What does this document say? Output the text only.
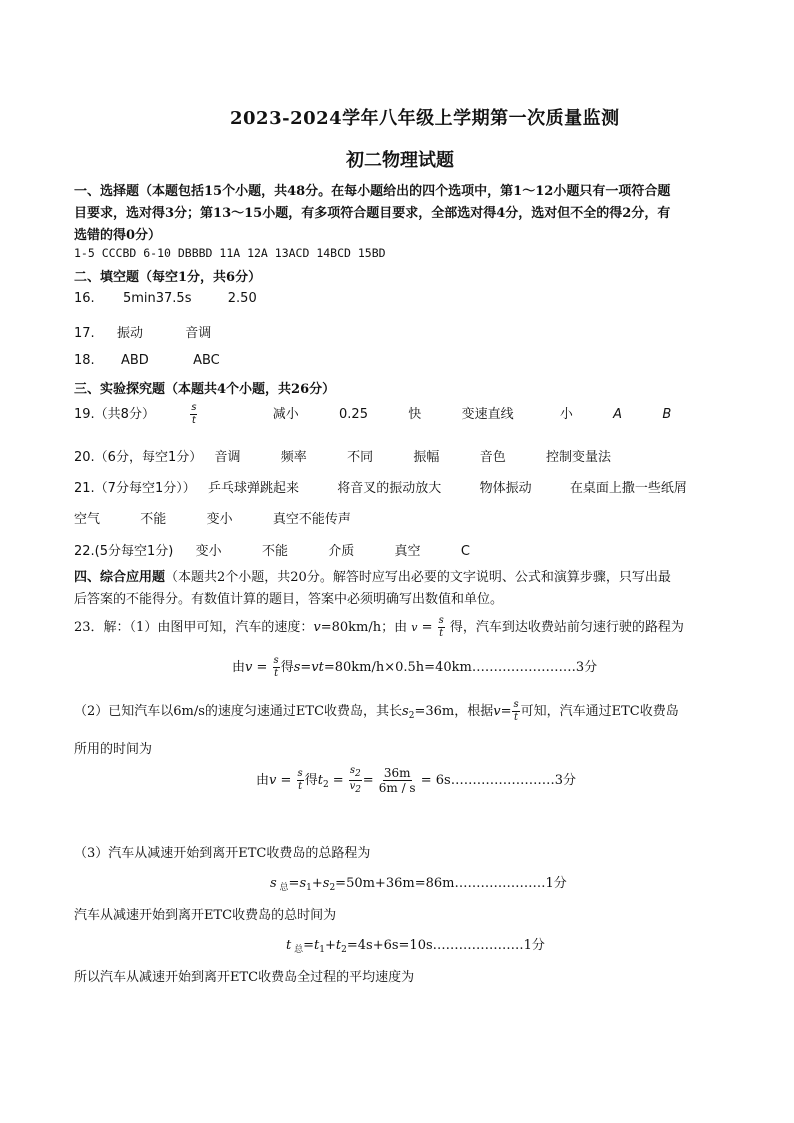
2023-2024学年八年级上学期第一次质量监测
初二物理试题
一、选择题（本题包括15个小题，共48分。在每小题给出的四个选项中，第1～12小题只有一项符合题
目要求，选对得3分；第13～15小题，有多项符合题目要求，全部选对得4分，选对但不全的得2分，有
选错的得0分）
1-5 CCCBD 6-10 DBBBD 11A 12A 13ACD 14BCD 15BD
二、填空题（每空1分，共6分）
16. 5min37.5s	2.50
17. 振动	音调
18. ABD	ABC
三、实验探究题（本题共4个小题，共26分）
19.（共8分）	$\frac{s}{t}$	减小	0.25	快	变速直线	小	A	B
20.（6分，每空1分） 音调	频率	不同	振幅	音色	控制变量法
21.（7分每空1分）） 乒乓球弹跳起来	将音叉的振动放大	物体振动	在桌面上撒一些纸屑
空气	不能	变小	真空不能传声
22.(5分每空1分) 变小	不能	介质	真空	C
四、综合应用题（本题共2个小题，共20分。解答时应写出必要的文字说明、公式和演算步骤，只写出最
后答案的不能得分。有数值计算的题目，答案中必须明确写出数值和单位。
23．解：（1）由图甲可知，汽车的速度：v=80km/h；由 $v = \frac{s}{t}$ 得，汽车到达收费站前匀速行驶的路程为
由$v = \frac{s}{t}$ 得s=vt=80km/h×0.5h=40km……………………3分
（2）已知汽车以6m/s的速度匀速通过ETC收费岛，其长$s_2=36m$，根据$v= \frac{s}{t}$ 可知，汽车通过ETC收费岛
所用的时间为
由$v = \frac{s}{t}$ 得$t_2 = \frac{s_2}{v_2} = \frac{36m}{6m / s}$ = 6s……………………3分
（3）汽车从减速开始到离开ETC收费岛的总路程为
s $_总=s_1+s_2=50m+36m=86m\dots\dots\dots\dots\dots\dots\dots 1$分
汽车从减速开始到离开ETC收费岛的总时间为
t $_总=t_1+t_2=4s+6s=10s\dots\dots\dots\dots\dots\dots\dots 1$分
所以汽车从减速开始到离开ETC收费岛全过程的平均速度为
